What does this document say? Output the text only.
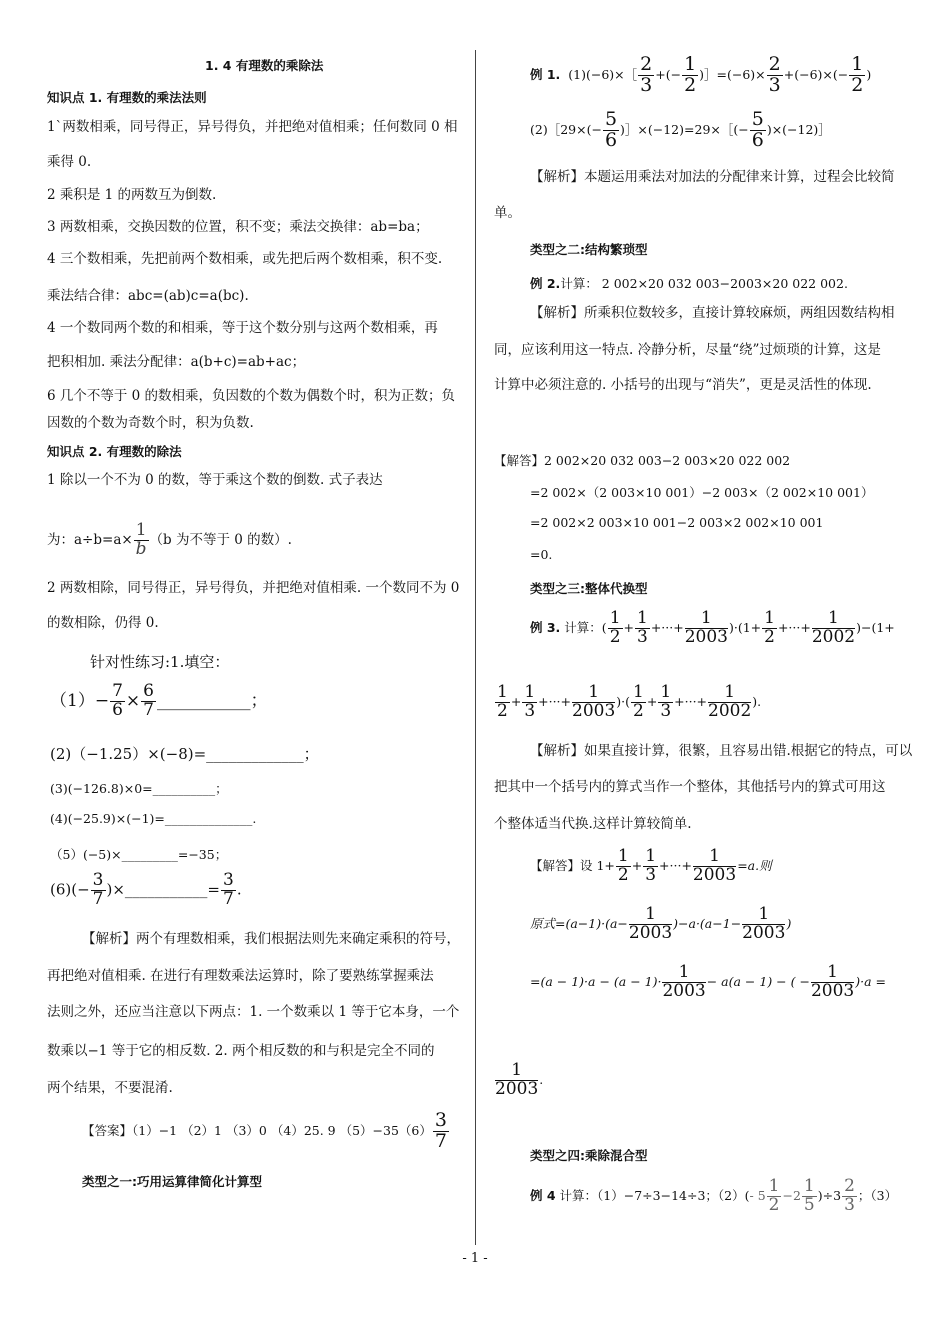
1. 4 有理数的乘除法
知识点 1. 有理数的乘法法则
1`两数相乘，同号得正，异号得负，并把绝对值相乘；任何数同 0 相
乘得 0.
2 乘积是 1 的两数互为倒数.
3 两数相乘，交换因数的位置，积不变；乘法交换律：ab=ba；
4 三个数相乘，先把前两个数相乘，或先把后两个数相乘，积不变.
乘法结合律：abc=(ab)c=a(bc).
4 一个数同两个数的和相乘，等于这个数分别与这两个数相乘，再
把积相加. 乘法分配律：a(b+c)=ab+ac；
6 几个不等于 0 的数相乘，负因数的个数为偶数个时，积为正数；负
因数的个数为奇数个时，积为负数.
知识点 2. 有理数的除法
1 除以一个不为 0 的数，等于乘这个数的倒数. 式子表达
为：$a\div b=a\times \frac{1}{b} (b$ 为不等于 0 的数）.
2 两数相除，同号得正，异号得负，并把绝对值相乘. 一个数同不为 0
的数相除，仍得 0.
针对性练习:1.填空：
$(1)- \frac{7}{6} \times \frac{6}{7}$ ___________；
(2)（−1.25）×(−8)=_____________；
(3)(−126.8)×0=__________；
(4)(−25.9)×(−1)=______________.
（5）(−5)×_________=−35；
$(6)(- \frac{3}{7}$ )×___________= $\frac{3}{7}$ .
【解析】两个有理数相乘，我们根据法则先来确定乘积的符号，
再把绝对值相乘. 在进行有理数乘法运算时，除了要熟练掌握乘法
法则之外，还应当注意以下两点：1. 一个数乘以 1 等于它本身，一个
数乘以−1 等于它的相反数. 2. 两个相反数的和与积是完全不同的
两个结果，不要混淆.
【答案】（1）−1 （2）1 （3）0 （4）25. 9 $(5)-35(6) \frac{3}{7}$
类型之一:巧用运算律简化计算型
例 1. (1)(−6)×［ $\frac{2}{3}$ +(− $\frac{1}{2}$ )］=(−6)× $\frac{2}{3} +(-6)\times(- \frac{1}{2}$ )
(2)［29×(− $\frac{5}{6}$ )］×(−12)=29×［(− $\frac{5}{6}$ )×(−12)］
【解析】本题运用乘法对加法的分配律来计算，过程会比较简
单。
类型之二:结构繁琐型
例 2.计算： 2 002×20 032 003−2003×20 022 002.
【解析】所乘积位数较多，直接计算较麻烦，两组因数结构相
同，应该利用这一特点. 冷静分析，尽量“绕”过烦琐的计算，这是
计算中必须注意的. 小括号的出现与“消失”，更是灵活性的体现.
【解答】2 002×20 032 003−2 003×20 022 002
=2 002×（2 003×10 001）−2 003×（2 002×10 001）
=2 002×2 003×10 001−2 003×2 002×10 001
=0.
类型之三:整体代换型
例 3. 计算：( $\frac{1}{2} + \frac{1}{3}$ +···+ $\frac{1}{2003} )\cdot(1+ \frac{1}{2}$ +···+ $\frac{1}{2002} )-(1+$
$\frac{1}{2} + \frac{1}{3}$ +···+ $\frac{1}{2003}$ )·( $\frac{1}{2} + \frac{1}{3}$ +···+ $\frac{1}{2002}$ ).
【解析】如果直接计算，很繁，且容易出错.根据它的特点，可以
把其中一个括号内的算式当作一个整体，其他括号内的算式可用这
个整体适当代换.这样计算较简单.
【解答】设 $1+ \frac{1}{2} + \frac{1}{3}$ +···+ $\frac{1}{2003} =a$.则
原式$=(a-1)\cdot(a- \frac{1}{2003} )-a\cdot(a-1- \frac{1}{2003}$ )
$=(a - 1)\cdot a - (a - 1)\cdot \frac{1}{2003} - a(a - 1)$ − ( − $\frac{1}{2003} )\cdot a$ =
$\frac{1}{2003}$ .
类型之四:乘除混合型
例 4 计算：（1）−7÷3−14÷3；（2）(- $5 \frac{1}{2} -2 \frac{1}{5} )\div 3 \frac{2}{3}$ ；（3）
- 1 -
